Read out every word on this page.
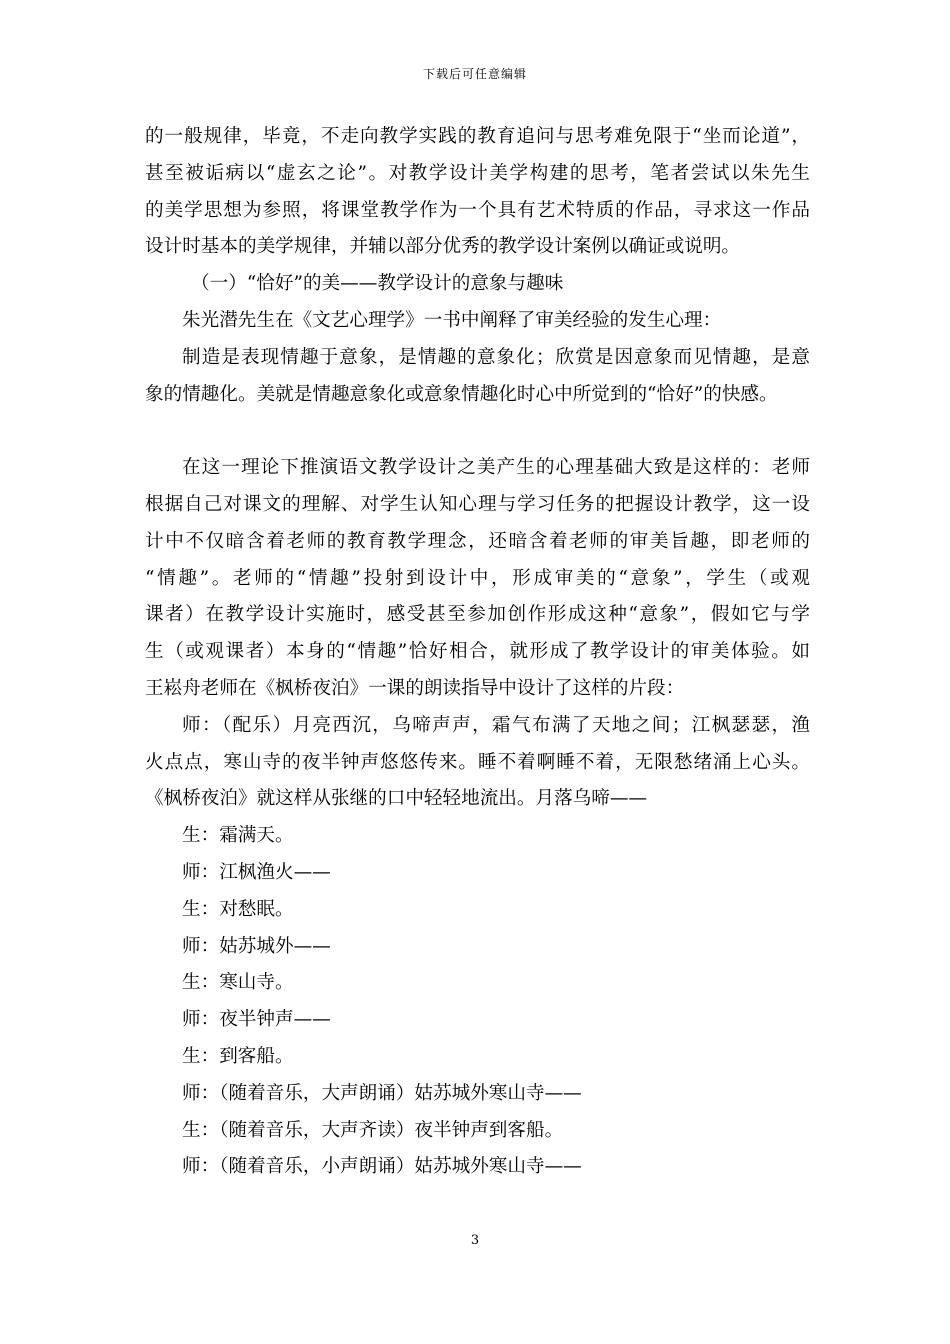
下载后可任意编辑
的一般规律，毕竟，不走向教学实践的教育追问与思考难免限于“坐而论道”，
甚至被诟病以“虚玄之论”。对教学设计美学构建的思考，笔者尝试以朱先生
的美学思想为参照，将课堂教学作为一个具有艺术特质的作品，寻求这一作品
设计时基本的美学规律，并辅以部分优秀的教学设计案例以确证或说明。
（一）“恰好”的美——教学设计的意象与趣味
朱光潜先生在《文艺心理学》一书中阐释了审美经验的发生心理：
制造是表现情趣于意象，是情趣的意象化；欣赏是因意象而见情趣，是意
象的情趣化。美就是情趣意象化或意象情趣化时心中所觉到的“恰好”的快感。
在这一理论下推演语文教学设计之美产生的心理基础大致是这样的：老师
根据自己对课文的理解、对学生认知心理与学习任务的把握设计教学，这一设
计中不仅暗含着老师的教育教学理念，还暗含着老师的审美旨趣，即老师的
“情趣”。老师的“情趣”投射到设计中，形成审美的“意象”，学生（或观
课者）在教学设计实施时，感受甚至参加创作形成这种“意象”，假如它与学
生（或观课者）本身的“情趣”恰好相合，就形成了教学设计的审美体验。如
王崧舟老师在《枫桥夜泊》一课的朗读指导中设计了这样的片段：
师：（配乐）月亮西沉，乌啼声声，霜气布满了天地之间；江枫瑟瑟，渔
火点点，寒山寺的夜半钟声悠悠传来。睡不着啊睡不着，无限愁绪涌上心头。
《枫桥夜泊》就这样从张继的口中轻轻地流出。月落乌啼——
生：霜满天。
师：江枫渔火——
生：对愁眠。
师：姑苏城外——
生：寒山寺。
师：夜半钟声——
生：到客船。
师：（随着音乐，大声朗诵）姑苏城外寒山寺——
生：（随着音乐，大声齐读）夜半钟声到客船。
师：（随着音乐，小声朗诵）姑苏城外寒山寺——
3
